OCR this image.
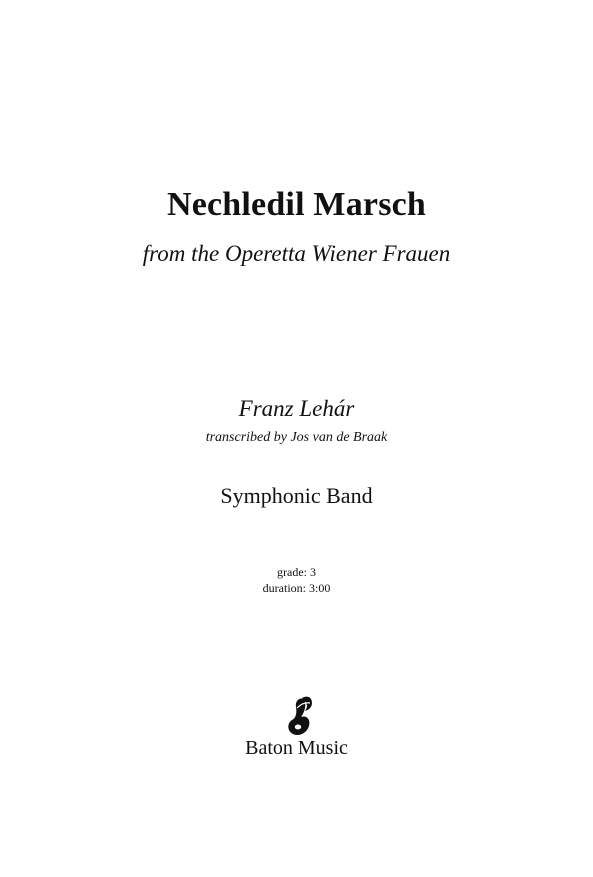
Nechledil Marsch
from the Operetta Wiener Frauen
Franz Lehár
transcribed by Jos van de Braak
Symphonic Band
grade: 3
duration: 3:00
Baton Music
